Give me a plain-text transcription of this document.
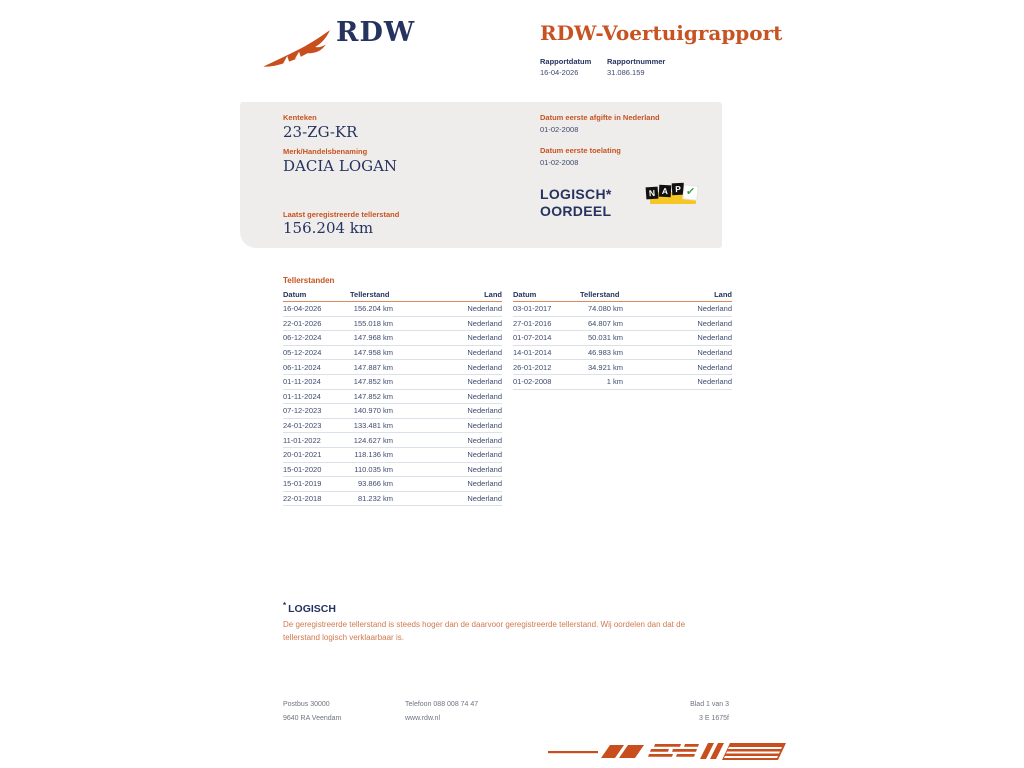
RDW	RDW-Voertuigrapport
Rapportdatum
16-04-2026
Rapportnummer
31.086.159
Kenteken
23-ZG-KR
Merk/Handelsbenaming
DACIA LOGAN
Laatst geregistreerde tellerstand
156.204 km
Datum eerste afgifte in Nederland
01-02-2008
Datum eerste toelating
01-02-2008
LOGISCH*
OORDEEL
N A P ✓
Tellerstanden
Datum	Tellerstand	Land
16-04-2026	156.204 km	Nederland
22-01-2026	155.018 km	Nederland
06-12-2024	147.968 km	Nederland
05-12-2024	147.958 km	Nederland
06-11-2024	147.887 km	Nederland
01-11-2024	147.852 km	Nederland
01-11-2024	147.852 km	Nederland
07-12-2023	140.970 km	Nederland
24-01-2023	133.481 km	Nederland
11-01-2022	124.627 km	Nederland
20-01-2021	118.136 km	Nederland
15-01-2020	110.035 km	Nederland
15-01-2019	93.866 km	Nederland
22-01-2018	81.232 km	Nederland
Datum	Tellerstand	Land
03-01-2017	74.080 km	Nederland
27-01-2016	64.807 km	Nederland
01-07-2014	50.031 km	Nederland
14-01-2014	46.983 km	Nederland
26-01-2012	34.921 km	Nederland
01-02-2008	1 km	Nederland
* LOGISCH
De geregistreerde tellerstand is steeds hoger dan de daarvoor geregistreerde tellerstand. Wij oordelen dan dat de tellerstand logisch verklaarbaar is.
Postbus 30000
9640 RA Veendam
Telefoon 088 008 74 47
www.rdw.nl
Blad 1 van 3
3 E 1675f
